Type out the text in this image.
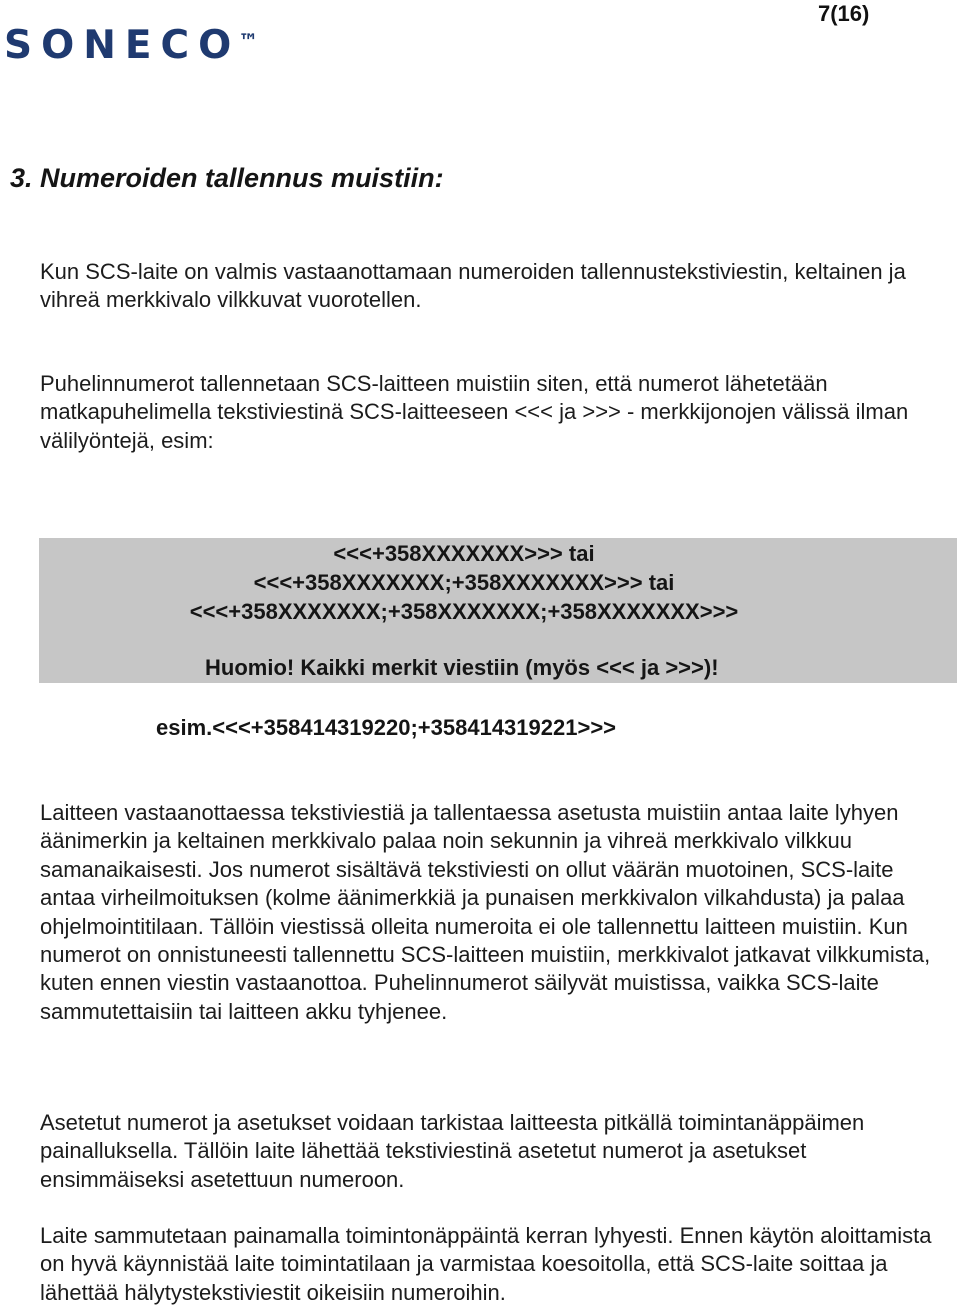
7(16)
SONECO
™
3. Numeroiden tallennus muistiin:

Kun SCS-laite on valmis vastaanottamaan numeroiden tallennustekstiviestin, keltainen ja vihreä merkkivalo vilkkuvat vuorotellen.

Puhelinnumerot tallennetaan SCS-laitteen muistiin siten, että numerot lähetetään matkapuhelimella tekstiviestinä SCS-laitteeseen <<< ja >>> - merkkijonojen välissä ilman välilyöntejä, esim:

<<<+358XXXXXXX>>> tai

<<<+358XXXXXXX;+358XXXXXXX>>> tai

<<<+358XXXXXXX;+358XXXXXXX;+358XXXXXXX>>>

Huomio! Kaikki merkit viestiin (myös <<< ja >>>)!

esim.<<<+358414319220;+358414319221>>>

Laitteen vastaanottaessa tekstiviestiä ja tallentaessa asetusta muistiin antaa laite lyhyen äänimerkin ja keltainen merkkivalo palaa noin sekunnin ja vihreä merkkivalo vilkkuu samanaikaisesti. Jos numerot sisältävä tekstiviesti on ollut väärän muotoinen, SCS-laite antaa virheilmoituksen (kolme äänimerkkiä ja punaisen merkkivalon vilkahdusta) ja palaa ohjelmointitilaan. Tällöin viestissä olleita numeroita ei ole tallennettu laitteen muistiin. Kun numerot on onnistuneesti tallennettu SCS-laitteen muistiin, merkkivalot jatkavat vilkkumista, kuten ennen viestin vastaanottoa. Puhelinnumerot säilyvät muistissa, vaikka SCS-laite sammutettaisiin tai laitteen akku tyhjenee.

Asetetut numerot ja asetukset voidaan tarkistaa laitteesta pitkällä toimintanäppäimen painalluksella. Tällöin laite lähettää tekstiviestinä asetetut numerot ja asetukset ensimmäiseksi asetettuun numeroon.

Laite sammutetaan painamalla toimintonäppäintä kerran lyhyesti. Ennen käytön aloittamista on hyvä käynnistää laite toimintatilaan ja varmistaa koesoitolla, että SCS-laite soittaa ja lähettää hälytystekstiviestit oikeisiin numeroihin.
